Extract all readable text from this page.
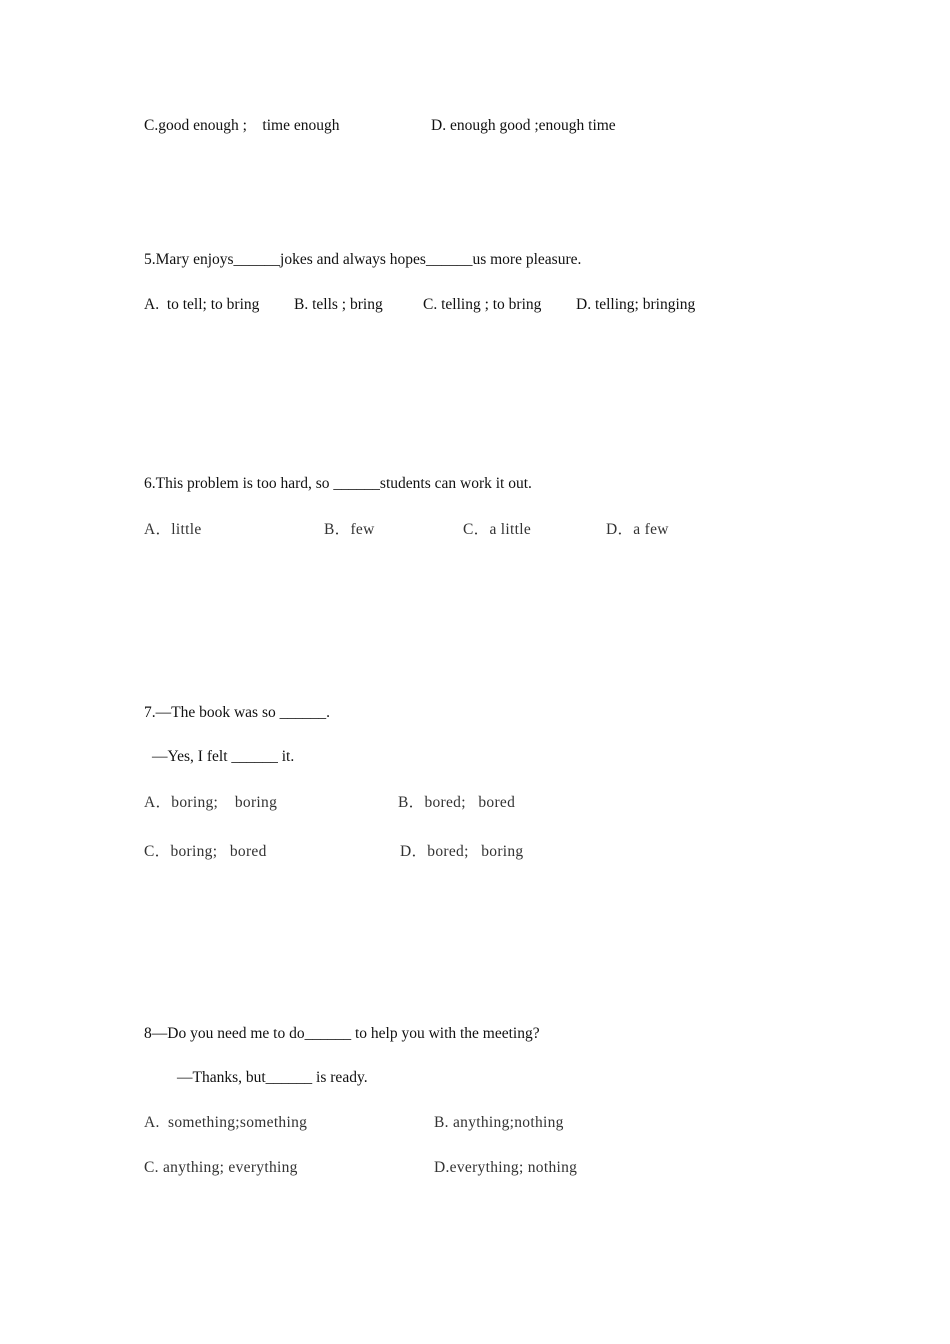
C.good enough ;    time enough	D. enough good ;enough time
5.Mary enjoys______jokes and always hopes______us more pleasure.
A.  to tell; to bring B. tells ; bring	C. telling ; to bring D. telling; bringing
6.This problem is too hard, so ______students can work it out.
A．little	B．few	C．a little	D．a few
7.—The book was so ______.
—Yes, I felt ______ it.
A．boring;    boring	B．bored;   bored
C．boring;   bored	D．bored;   boring
8—Do you need me to do______ to help you with the meeting?
—Thanks, but______ is ready.
A.  something;something	B. anything;nothing
C. anything; everything	D.everything; nothing
